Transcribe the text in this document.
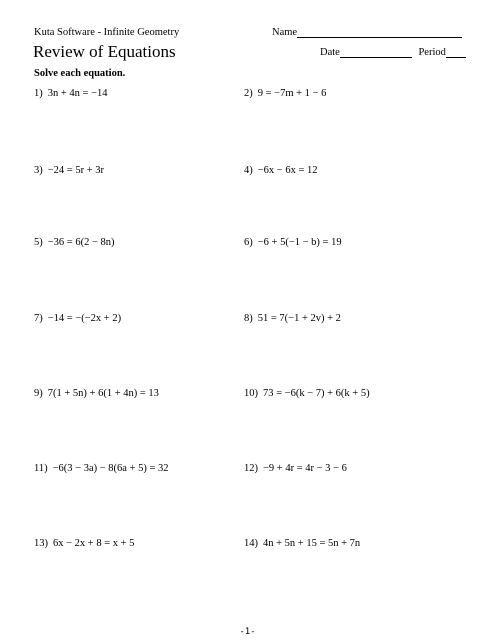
Kuta Software - Infinite Geometry	Name
Review of Equations	Date	Period
Solve each equation.
1) 3n + 4n = −14	2) 9 = −7m + 1 − 6
3) −24 = 5r + 3r	4) −6x − 6x = 12
5) −36 = 6(2 − 8n)	6) −6 + 5(−1 − b) = 19
7) −14 = −(−2x + 2)	8) 51 = 7(−1 + 2v) + 2
9) 7(1 + 5n) + 6(1 + 4n) = 13	10) 73 = −6(k − 7) + 6(k + 5)
11) −6(3 − 3a) − 8(6a + 5) = 32	12) −9 + 4r = 4r − 3 − 6
13) 6x − 2x + 8 = x + 5	14) 4n + 5n + 15 = 5n + 7n
-1-
